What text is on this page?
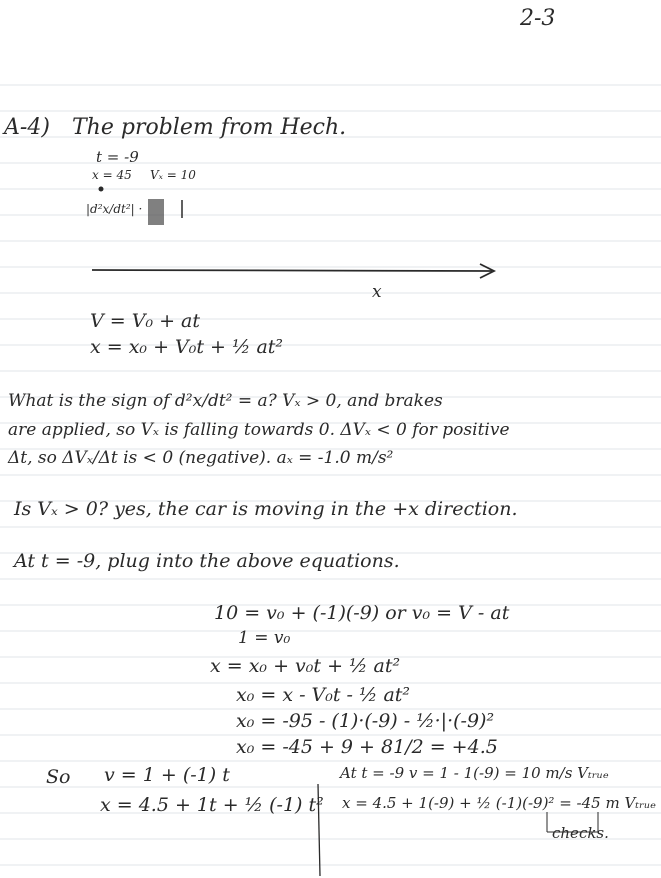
2-3
A-4) The problem from Hech.
t = -9
x = 45 Vₓ = 10
|d²x/dt²| ·
x
V = V₀ + at
x = x₀ + V₀t + ½ at²
What is the sign of d²x/dt² = a? Vₓ > 0, and brakes
are applied, so Vₓ is falling towards 0. ΔVₓ < 0 for positive
Δt, so ΔVₓ/Δt is < 0 (negative). aₓ = -1.0 m/s²
Is Vₓ > 0? yes, the car is moving in the +x direction.
At t = -9, plug into the above equations.
10 = v₀ + (-1)(-9) or v₀ = V - at
1 = v₀
x = x₀ + v₀t + ½ at²
x₀ = x - V₀t - ½ at²
x₀ = -95 - (1)·(-9) - ½·|·(-9)²
x₀ = -45 + 9 + 81/2 = +4.5
So v = 1 + (-1) t
x = 4.5 + 1t + ½ (-1) t²
At t = -9 v = 1 - 1(-9) = 10 m/s Vₜᵣᵤₑ
x = 4.5 + 1(-9) + ½ (-1)(-9)² = -45 m Vₜᵣᵤₑ
checks.
